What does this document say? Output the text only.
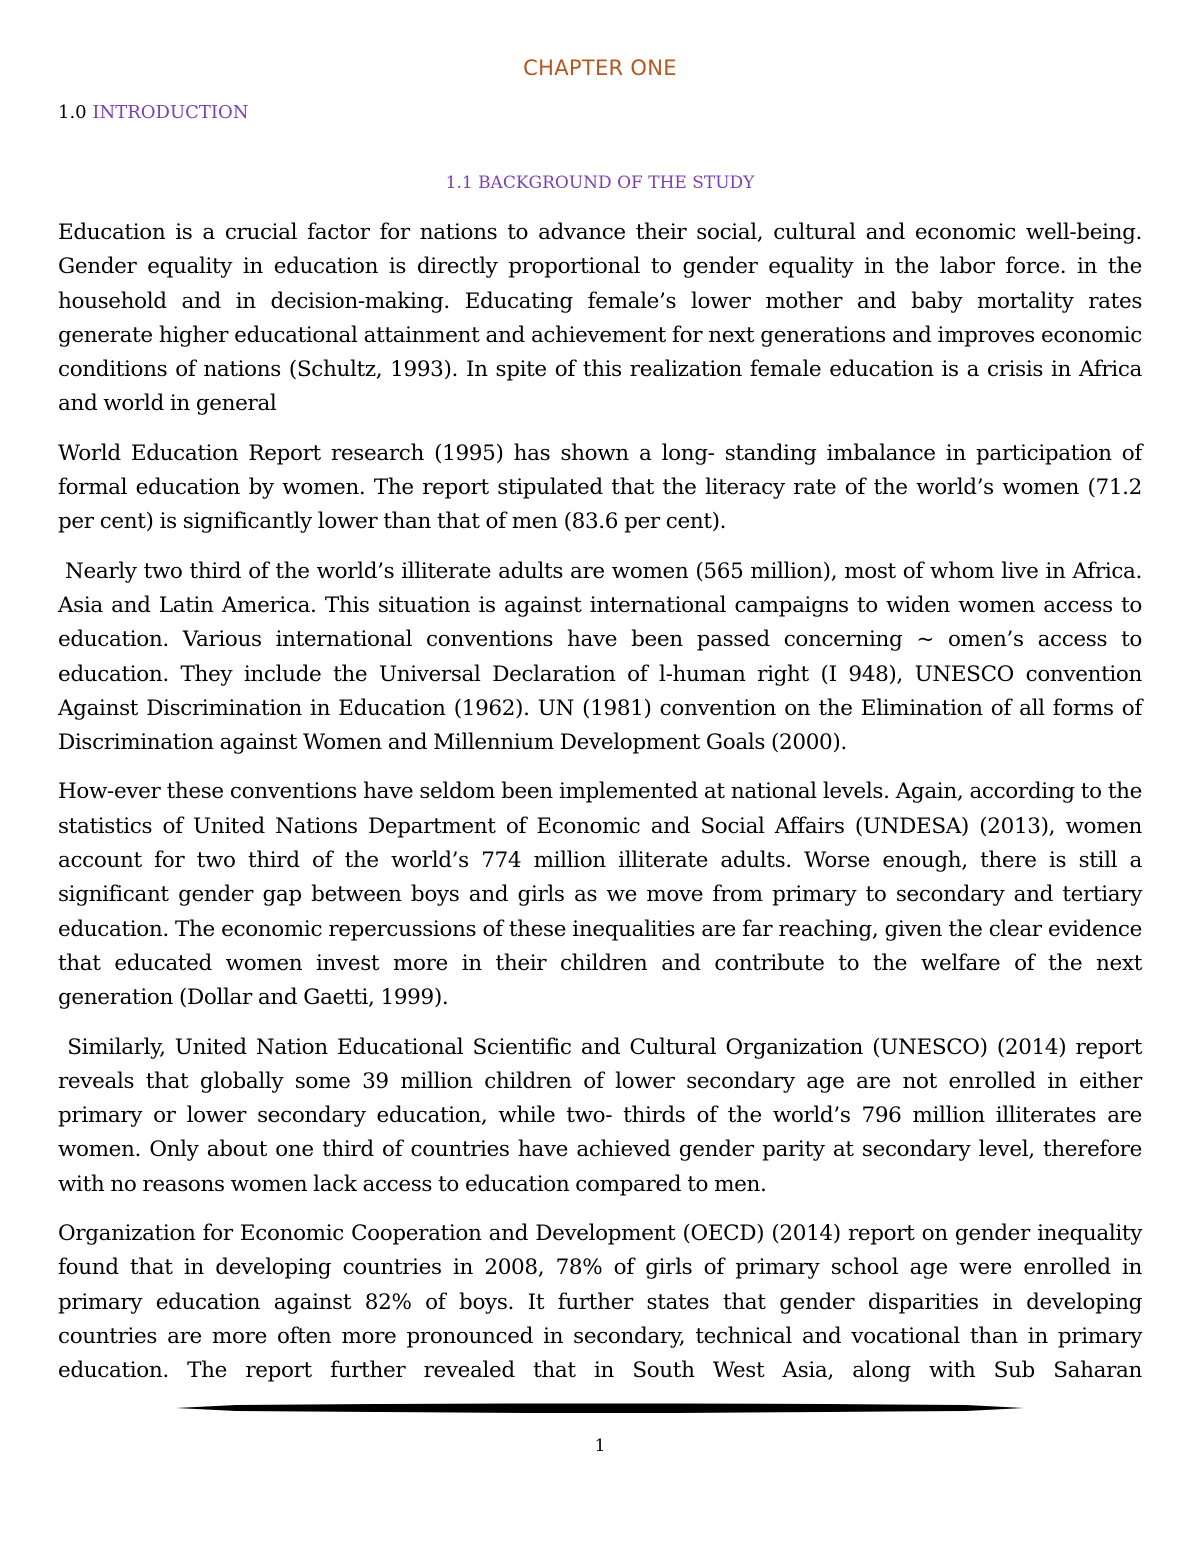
CHAPTER ONE
1.0 INTRODUCTION
1.1 BACKGROUND OF THE STUDY

Education is a crucial factor for nations to advance their social, cultural and economic well-being. Gender equality in education is directly proportional to gender equality in the labor force. in the household and in decision-making. Educating female’s lower mother and baby mortality rates generate higher educational attainment and achievement for next generations and improves economic conditions of nations (Schultz, 1993). In spite of this realization female education is a crisis in Africa and world in general

World Education Report research (1995) has shown a long- standing imbalance in participation of formal education by women. The report stipulated that the literacy rate of the world’s women (71.2 per cent) is significantly lower than that of men (83.6 per cent).

Nearly two third of the world’s illiterate adults are women (565 million), most of whom live in Africa. Asia and Latin America. This situation is against international campaigns to widen women access to education. Various international conventions have been passed concerning ~ omen’s access to education. They include the Universal Declaration of l-human right (I 948), UNESCO convention Against Discrimination in Education (1962). UN (1981) convention on the Elimination of all forms of Discrimination against Women and Millennium Development Goals (2000).

How-ever these conventions have seldom been implemented at national levels. Again, according to the statistics of United Nations Department of Economic and Social Affairs (UNDESA) (2013), women account for two third of the world’s 774 million illiterate adults. Worse enough, there is still a significant gender gap between boys and girls as we move from primary to secondary and tertiary education. The economic repercussions of these inequalities are far reaching, given the clear evidence that educated women invest more in their children and contribute to the welfare of the next generation (Dollar and Gaetti, 1999).

Similarly, United Nation Educational Scientific and Cultural Organization (UNESCO) (2014) report reveals that globally some 39 million children of lower secondary age are not enrolled in either primary or lower secondary education, while two- thirds of the world’s 796 million illiterates are women. Only about one third of countries have achieved gender parity at secondary level, therefore with no reasons women lack access to education compared to men.

Organization for Economic Cooperation and Development (OECD) (2014) report on gender inequality found that in developing countries in 2008, 78% of girls of primary school age were enrolled in primary education against 82% of boys. It further states that gender disparities in developing countries are more often more pronounced in secondary, technical and vocational than in primary education. The report further revealed that in South West Asia, along with Sub Saharan

1
